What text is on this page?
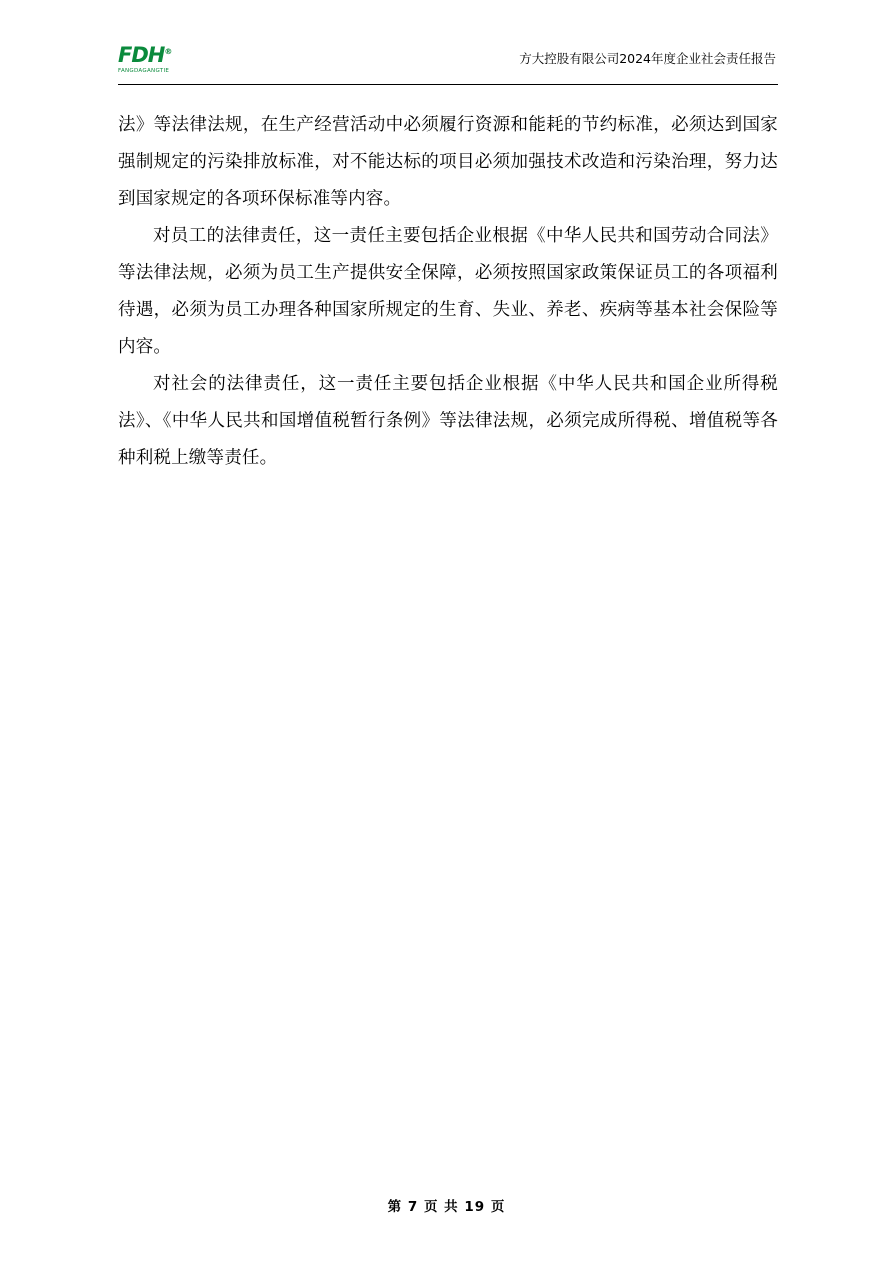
FDH®
FANGDAGANGTIE
方大控股有限公司2024年度企业社会责任报告

法》等法律法规，在生产经营活动中必须履行资源和能耗的节约标准，必须达到国家强制规定的污染排放标准，对不能达标的项目必须加强技术改造和污染治理，努力达到国家规定的各项环保标准等内容。

对员工的法律责任，这一责任主要包括企业根据《中华人民共和国劳动合同法》等法律法规，必须为员工生产提供安全保障，必须按照国家政策保证员工的各项福利待遇，必须为员工办理各种国家所规定的生育、失业、养老、疾病等基本社会保险等内容。

对社会的法律责任，这一责任主要包括企业根据《中华人民共和国企业所得税法》、《中华人民共和国增值税暂行条例》等法律法规，必须完成所得税、增值税等各种利税上缴等责任。

第 7 页 共 19 页
